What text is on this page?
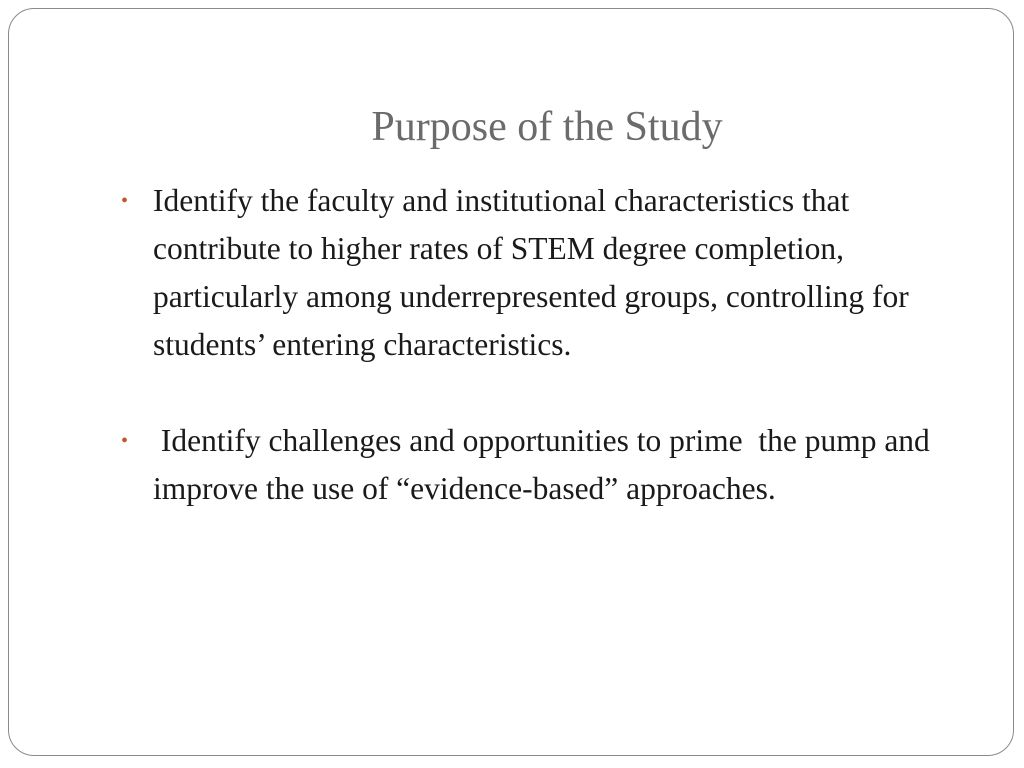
Purpose of the Study
• Identify the faculty and institutional characteristics that contribute to higher rates of STEM degree completion, particularly among underrepresented groups, controlling for students’ entering characteristics.
• Identify challenges and opportunities to prime  the pump and improve the use of “evidence-based” approaches.
